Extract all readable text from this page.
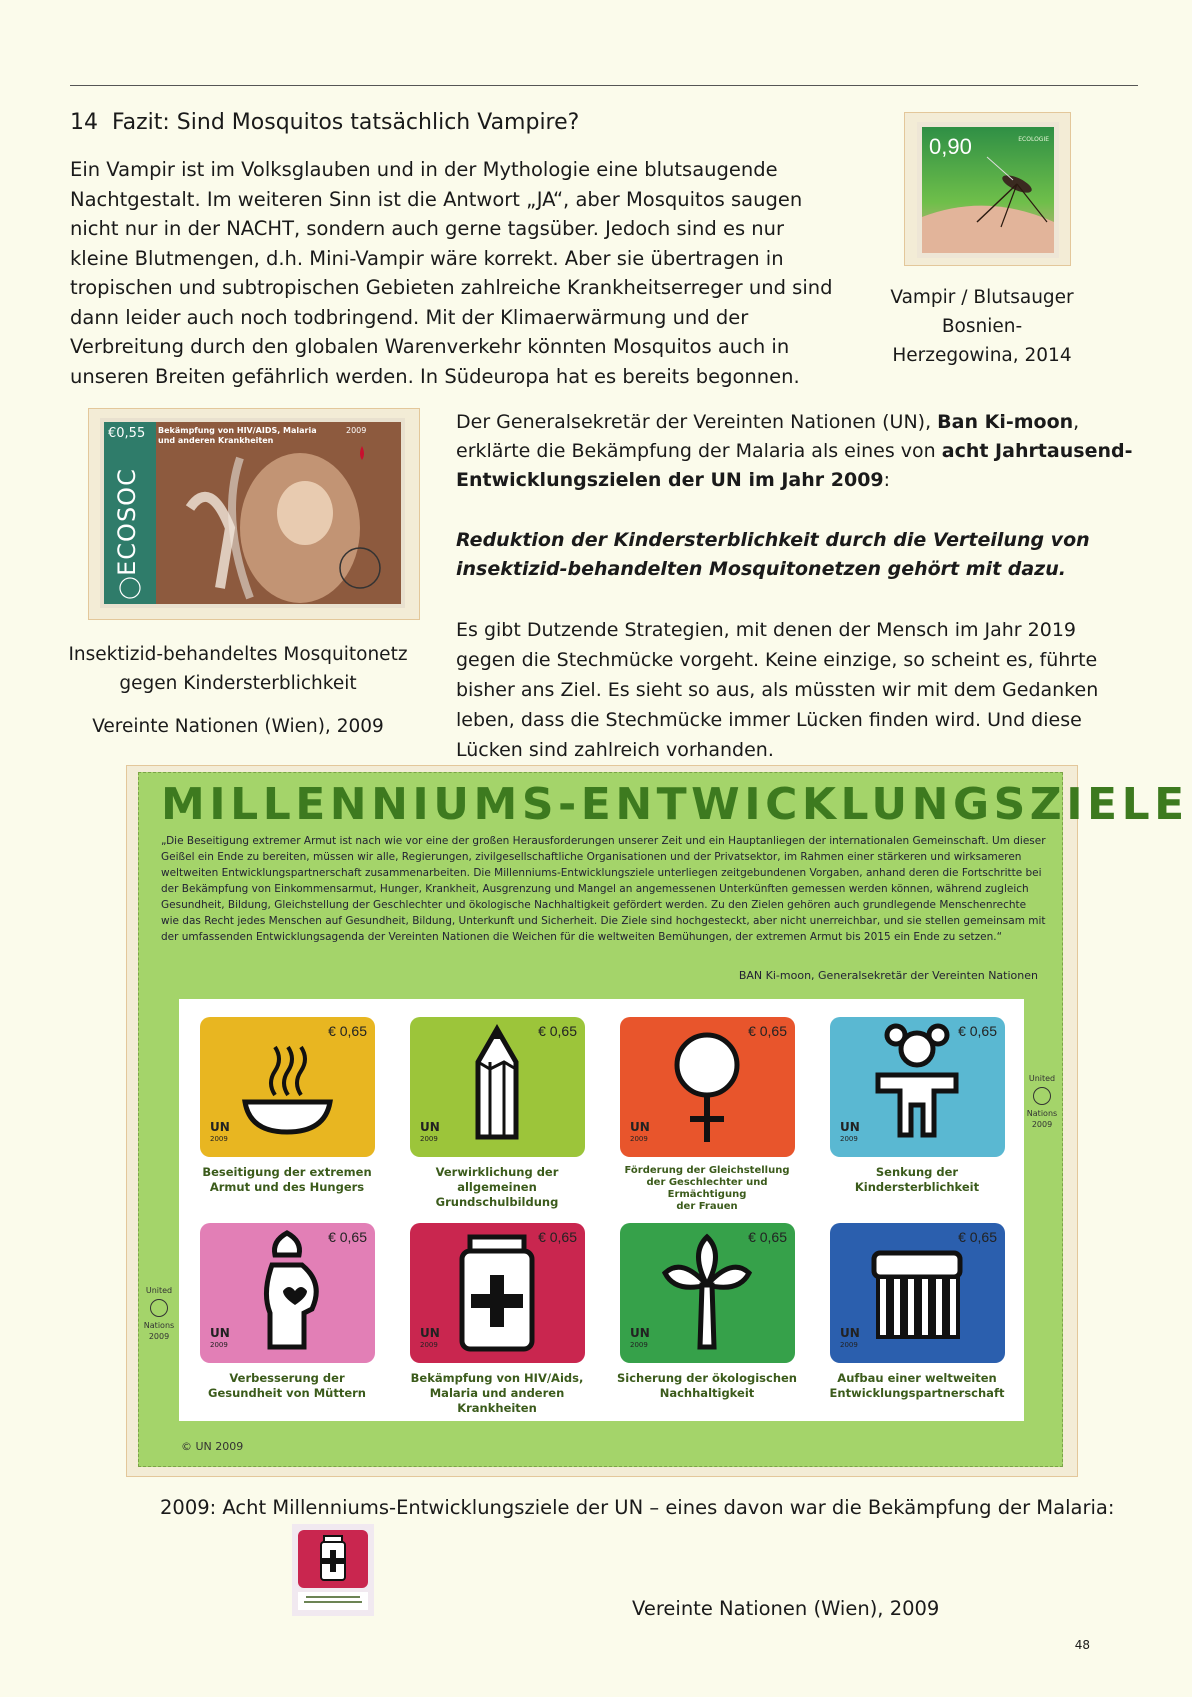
14 Fazit: Sind Mosquitos tatsächlich Vampire?
Ein Vampir ist im Volksglauben und in der Mythologie eine blutsaugende
Nachtgestalt. Im weiteren Sinn ist die Antwort „JA“, aber Mosquitos saugen
nicht nur in der NACHT, sondern auch gerne tagsüber. Jedoch sind es nur
kleine Blutmengen, d.h. Mini-Vampir wäre korrekt. Aber sie übertragen in
tropischen und subtropischen Gebieten zahlreiche Krankheitserreger und sind
dann leider auch noch todbringend. Mit der Klimaerwärmung und der
Verbreitung durch den globalen Warenverkehr könnten Mosquitos auch in
unseren Breiten gefährlich werden. In Südeuropa hat es bereits begonnen.
0,90	ECOLOGIE
Vampir / Blutsauger
Bosnien-
Herzegowina, 2014
€0,55 Bekämpfung von HIV/AIDS, Malaria und anderen Krankheiten
2009
ECOSOC
Insektizid-behandeltes Mosquitonetz
gegen Kindersterblichkeit
Vereinte Nationen (Wien), 2009
Der Generalsekretär der Vereinten Nationen (UN), Ban Ki-moon,
erklärte die Bekämpfung der Malaria als eines von acht Jahrtausend-
Entwicklungszielen der UN im Jahr 2009:
Reduktion der Kindersterblichkeit durch die Verteilung von
insektizid-behandelten Mosquitonetzen gehört mit dazu.
Es gibt Dutzende Strategien, mit denen der Mensch im Jahr 2019
gegen die Stechmücke vorgeht. Keine einzige, so scheint es, führte
bisher ans Ziel. Es sieht so aus, als müssten wir mit dem Gedanken
leben, dass die Stechmücke immer Lücken finden wird. Und diese
Lücken sind zahlreich vorhanden.
MILLENNIUMS-ENTWICKLUNGSZIELE
„Die Beseitigung extremer Armut ist nach wie vor eine der großen Herausforderungen unserer Zeit und ein Hauptanliegen der internationalen Gemeinschaft. Um dieser Geißel ein Ende zu bereiten, müssen wir alle, Regierungen, zivilgesellschaftliche Organisationen und der Privatsektor, im Rahmen einer stärkeren und wirksameren weltweiten Entwicklungspartnerschaft zusammenarbeiten. Die Millenniums-Entwicklungsziele unterliegen zeitgebundenen Vorgaben, anhand deren die Fortschritte bei der Bekämpfung von Einkommensarmut, Hunger, Krankheit, Ausgrenzung und Mangel an angemessenen Unterkünften gemessen werden können, während zugleich Gesundheit, Bildung, Gleichstellung der Geschlechter und ökologische Nachhaltigkeit gefördert werden. Zu den Zielen gehören auch grundlegende Menschenrechte wie das Recht jedes Menschen auf Gesundheit, Bildung, Unterkunft und Sicherheit. Die Ziele sind hochgesteckt, aber nicht unerreichbar, und sie stellen gemeinsam mit der umfassenden Entwicklungsagenda der Vereinten Nationen die Weichen für die weltweiten Bemühungen, der extremen Armut bis 2015 ein Ende zu setzen.“
BAN Ki-moon, Generalsekretär der Vereinten Nationen
United
Nations
2009
United
Nations
2009
€ 0,65
UN
2009
Beseitigung der extremen
Armut und des Hungers
€ 0,65
UN
2009
Verwirklichung der allgemeinen
Grundschulbildung
€ 0,65
UN
2009
Förderung der Gleichstellung
der Geschlechter und Ermächtigung
der Frauen
€ 0,65
UN
2009
Senkung der
Kindersterblichkeit
€ 0,65
UN
2009
Verbesserung der
Gesundheit von Müttern
€ 0,65
UN
2009
Bekämpfung von HIV/Aids,
Malaria und anderen Krankheiten
€ 0,65
UN
2009
Sicherung der ökologischen
Nachhaltigkeit
€ 0,65
UN
2009
Aufbau einer weltweiten
Entwicklungspartnerschaft
© UN 2009
2009: Acht Millenniums-Entwicklungsziele der UN – eines davon war die Bekämpfung der Malaria:
Vereinte Nationen (Wien), 2009
48
